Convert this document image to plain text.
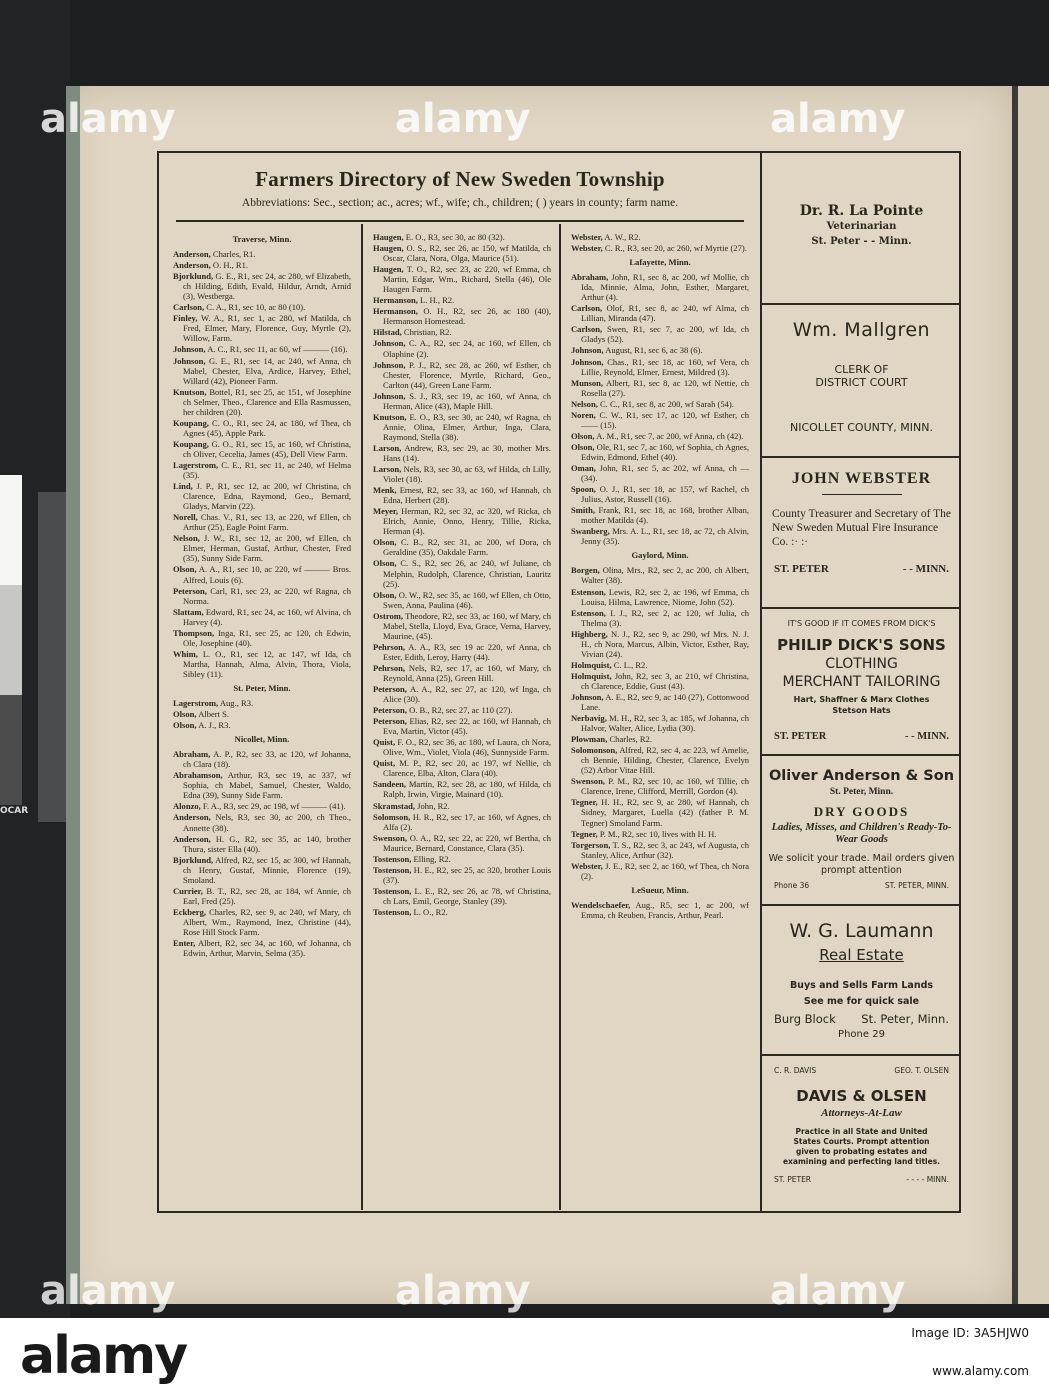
OCAR
Farmers Directory of New Sweden Township
Abbreviations: Sec., section; ac., acres; wf., wife; ch., children; ( ) years in county; farm name.
Traverse, Minn.
Anderson, Charles, R1.
Anderson, O. H., R1.
Bjorklund, G. E., R1, sec 24, ac 280, wf Elizabeth, ch Hilding, Edith, Evald, Hildur, Arndt, Arnid (3), Westberga.
Carlson, C. A., R1, sec 10, ac 80 (10).
Finley, W. A., R1, sec 1, ac 280, wf Matilda, ch Fred, Elmer, Mary, Florence, Guy, Myrtle (2), Willow, Farm.
Johnson, A. C., R1, sec 11, ac 60, wf ——— (16).
Johnson, G. E., R1, sec 14, ac 240, wf Anna, ch Mabel, Chester, Elva, Ardice, Harvey, Ethel, Willard (42), Pioneer Farm.
Knutson, Bottel, R1, sec 25, ac 151, wf Josephine ch Selmer, Theo., Clarence and Ella Rasmussen, her children (20).
Koupang, C. O., R1, sec 24, ac 180, wf Thea, ch Agnes (45), Apple Park.
Koupang, G. O., R1, sec 15, ac 160, wf Christina, ch Oliver, Cecelia, James (45), Dell View Farm.
Lagerstrom, C. E., R1, sec 11, ac 240, wf Helma (35).
Lind, J. P., R1, sec 12, ac 200, wf Christina, ch Clarence, Edna, Raymond, Geo., Bernard, Gladys, Marvin (22).
Norell, Chas. V., R1, sec 13, ac 220, wf Ellen, ch Arthur (25), Eagle Point Farm.
Nelson, J. W., R1, sec 12, ac 200, wf Ellen, ch Elmer, Herman, Gustaf, Arthur, Chester, Fred (35), Sunny Side Farm.
Olson, A. A., R1, sec 10, ac 220, wf ——— Bros. Alfred, Louis (6).
Peterson, Carl, R1, sec 23, ac 220, wf Ragna, ch Norma.
Slattam, Edward, R1, sec 24, ac 160, wf Alvina, ch Harvey (4).
Thompson, Inga, R1, sec 25, ac 120, ch Edwin, Ole, Josephine (40).
Whim, L. O., R1, sec 12, ac 147, wf Ida, ch Martha, Hannah, Alma, Alvin, Thora, Viola, Sibley (11).
St. Peter, Minn.
Lagerstrom, Aug., R3.
Olson, Albert S.
Olson, A. J., R3.
Nicollet, Minn.
Abraham, A. P., R2, sec 33, ac 120, wf Johanna, ch Clara (18).
Abrahamson, Arthur, R3, sec 19, ac 337, wf Sophia, ch Mabel, Samuel, Chester, Waldo, Edna (39), Sunny Side Farm.
Alonzo, F. A., R3, sec 29, ac 198, wf ——— (41).
Anderson, Nels, R3, sec 30, ac 200, ch Theo., Annette (38).
Anderson, H. G., R2, sec 35, ac 140, brother Thura, sister Ella (40).
Bjorklund, Alfred, R2, sec 15, ac 300, wf Hannah, ch Henry, Gustaf, Minnie, Florence (19), Smoland.
Currier, B. T., R2, sec 28, ac 184, wf Annie, ch Earl, Fred (25).
Eckberg, Charles, R2, sec 9, ac 240, wf Mary, ch Albert, Wm., Raymond, Inez, Christine (44), Rose Hill Stock Farm.
Enter, Albert, R2, sec 34, ac 160, wf Johanna, ch Edwin, Arthur, Marvin, Selma (35).
Haugen, E. O., R3, sec 30, ac 80 (32).
Haugen, O. S., R2, sec 26, ac 150, wf Matilda, ch Oscar, Clara, Nora, Olga, Maurice (51).
Haugen, T. O., R2, sec 23, ac 220, wf Emma, ch Martin, Edgar, Wm., Richard, Stella (46), Ole Haugen Farm.
Hermanson, L. H., R2.
Hermanson, O. H., R2, sec 26, ac 180 (40), Hermanson Homestead.
Hilstad, Christian, R2.
Johnson, C. A., R2, sec 24, ac 160, wf Ellen, ch Olaphine (2).
Johnson, P. J., R2, sec 28, ac 260, wf Esther, ch Chester, Florence, Myrtle, Richard, Geo., Carlton (44), Green Lane Farm.
Johnson, S. J., R3, sec 19, ac 160, wf Anna, ch Herman, Alice (43), Maple Hill.
Knutson, E. O., R3, sec 30, ac 240, wf Ragna, ch Annie, Olina, Elmer, Arthur, Inga, Clara, Raymond, Stella (38).
Larson, Andrew, R3, sec 29, ac 30, mother Mrs. Hans (14).
Larson, Nels, R3, sec 30, ac 63, wf Hilda, ch Lilly, Violet (18).
Menk, Ernest, R2, sec 33, ac 160, wf Hannah, ch Edna, Herbert (28).
Meyer, Herman, R2, sec 32, ac 320, wf Ricka, ch Elrich, Annie, Onno, Henry, Tillie, Ricka, Herman (4).
Olson, C. B., R2, sec 31, ac 200, wf Dora, ch Geraldine (35), Oakdale Farm.
Olson, C. S., R2, sec 26, ac 240, wf Juliane, ch Melphin, Rudolph, Clarence, Christian, Lauritz (25).
Olson, O. W., R2, sec 35, ac 160, wf Ellen, ch Otto, Swen, Anna, Paulina (46).
Ostrom, Theodore, R2, sec 33, ac 160, wf Mary, ch Mabel, Stella, Lloyd, Eva, Grace, Verna, Harvey, Maurine, (45).
Pehrson, A. A., R3, sec 19 ac 220, wf Anna, ch Ester, Edith, Leroy, Harry (44).
Pehrson, Nels, R2, sec 17, ac 160, wf Mary, ch Reynold, Anna (25), Green Hill.
Peterson, A. A., R2, sec 27, ac 120, wf Inga, ch Alice (30).
Peterson, O. B., R2, sec 27, ac 110 (27).
Peterson, Elias, R2, sec 22, ac 160, wf Hannah, ch Eva, Martin, Victor (45).
Quist, F. O., R2, sec 36, ac 180, wf Laura, ch Nora, Olive, Wm., Violet, Viola (46), Sunnyside Farm.
Quist, M. P., R2, sec 20, ac 197, wf Nellie, ch Clarence, Elba, Alton, Clara (40).
Sandeen, Martin, R2, sec 28, ac 180, wf Hilda, ch Ralph, Irwin, Virgie, Mainard (10).
Skramstad, John, R2.
Solomson, H. R., R2, sec 17, ac 160, wf Agnes, ch Alfa (2).
Swenson, O. A., R2, sec 22, ac 220, wf Bertha, ch Maurice, Bernard, Constance, Clara (35).
Tostenson, Elling, R2.
Tostenson, H. E., R2, sec 25, ac 320, brother Louis (37).
Tostenson, L. E., R2, sec 26, ac 78, wf Christina, ch Lars, Emil, George, Stanley (39).
Tostenson, L. O., R2.
Webster, A. W., R2.
Webster, C. R., R3, sec 20, ac 260, wf Myrtie (27).
Lafayette, Minn.
Abraham, John, R1, sec 8, ac 200, wf Mollie, ch Ida, Minnie, Alma, John, Esther, Margaret, Arthur (4).
Carlson, Olof, R1, sec 8, ac 240, wf Alma, ch Lillian, Miranda (47).
Carlson, Swen, R1, sec 7, ac 200, wf Ida, ch Gladys (52).
Johnson, August, R1, sec 6, ac 38 (6).
Johnson, Chas., R1, sec 18, ac 160, wf Vera, ch Lillie, Reynold, Elmer, Ernest, Mildred (3).
Munson, Albert, R1, sec 8, ac 120, wf Nettie, ch Rosella (27).
Nelson, C. C., R1, sec 8, ac 200, wf Sarah (54).
Noren, C. W., R1, sec 17, ac 120, wf Esther, ch—— (15).
Olson, A. M., R1, sec 7, ac 200, wf Anna, ch (42).
Olson, Ole, R1, sec 7, ac 160, wf Sophia, ch Agnes, Edwin, Edmond, Ethel (40).
Oman, John, R1, sec 5, ac 202, wf Anna, ch — (34).
Spoon, O. J., R1, sec 18, ac 157, wf Rachel, ch Julius, Astor, Russell (16).
Smith, Frank, R1, sec 18, ac 168, brother Alban, mother Matilda (4).
Swanberg, Mrs. A. L., R1, sec 18, ac 72, ch Alvin, Jenny (35).
Gaylord, Minn.
Borgen, Olina, Mrs., R2, sec 2, ac 200, ch Albert, Walter (38).
Estenson, Lewis, R2, sec 2, ac 196, wf Emma, ch Louisa, Hilma, Lawrence, Niome, John (52).
Estenson, I. J., R2, sec 2, ac 120, wf Julia, ch Thelma (3).
Highberg, N. J., R2, sec 9, ac 290, wf Mrs. N. J. H., ch Nora, Marcus, Albin, Victor, Esther, Ray, Vivian (24).
Holmquist, C. L., R2.
Holmquist, John, R2, sec 3, ac 210, wf Christina, ch Clarence, Eddie, Gust (43).
Johnson, A. E., R2, sec 9, ac 140 (27), Cottonwood Lane.
Nerbavig, M. H., R2, sec 3, ac 185, wf Johanna, ch Halvor, Walter, Alice, Lydia (30).
Plowman, Charles, R2.
Solomonson, Alfred, R2, sec 4, ac 223, wf Amelie, ch Bennie, Hilding, Chester, Clarence, Evelyn (52) Arbor Vitae Hill.
Swenson, P. M., R2, sec 10, ac 160, wf Tillie, ch Clarence, Irene, Clifford, Merrill, Gordon (4).
Tegner, H. H., R2, sec 9, ac 280, wf Hannah, ch Sidney, Margaret, Luella (42) (father P. M. Tegner) Smoland Farm.
Tegner, P. M., R2, sec 10, lives with H. H.
Torgerson, T. S., R2, sec 3, ac 243, wf Augusta, ch Stanley, Alice, Arthur (32).
Webster, J. E., R2, sec 2, ac 160, wf Thea, ch Nora (2).
LeSueur, Minn.
Wendelschaefer, Aug., R5, sec 1, ac 200, wf Emma, ch Reuben, Francis, Arthur, Pearl.
Dr. R. La Pointe
Veterinarian
St. Peter - - Minn.
Wm. Mallgren
CLERK OF
DISTRICT COURT
NICOLLET COUNTY, MINN.
JOHN WEBSTER
County Treasurer and Secretary of The New Sweden Mutual Fire Insurance Co. :· :·
ST. PETER	- - MINN.
IT'S GOOD IF IT COMES FROM DICK'S
PHILIP DICK'S SONS
CLOTHING
MERCHANT TAILORING
Hart, Shaffner & Marx Clothes
Stetson Hats
ST. PETER	- - MINN.
Oliver Anderson & Son
St. Peter, Minn.
DRY GOODS
Ladies, Misses, and Children's Ready-To-Wear Goods
We solicit your trade. Mail orders given prompt attention
Phone 36	ST. PETER, MINN.
W. G. Laumann
Real Estate
Buys and Sells Farm Lands
See me for quick sale
Burg Block St. Peter, Minn.
Phone 29
C. R. DAVIS	GEO. T. OLSEN
DAVIS & OLSEN
Attorneys-At-Law
Practice in all State and United States Courts. Prompt attention given to probating estates and examining and perfecting land titles.
ST. PETER	- - - - MINN.
alamy	alamy	alamy
alamy	alamy	alamy
alamy	Image ID: 3A5HJW0
www.alamy.com
